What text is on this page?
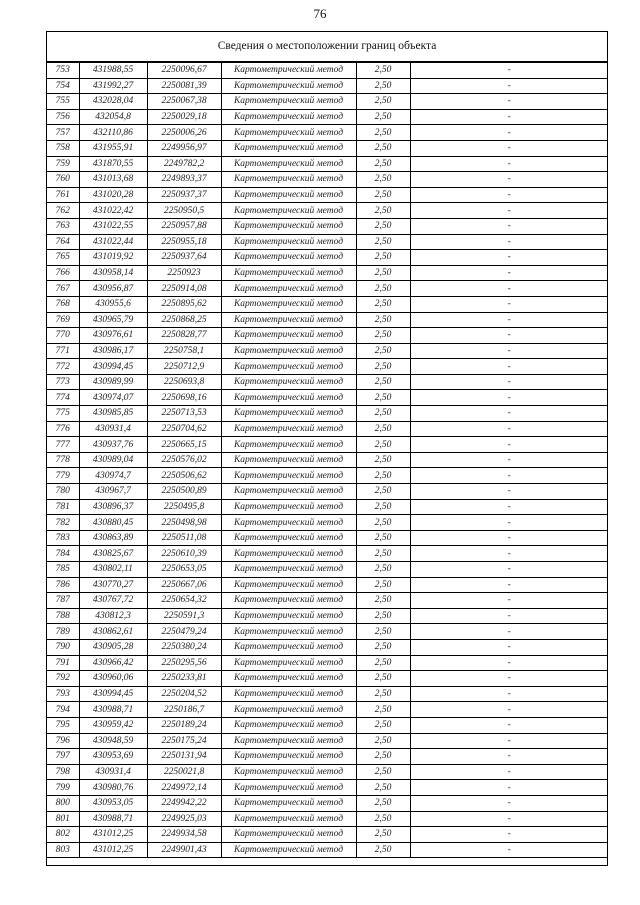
76
Сведения о местоположении границ объекта
753	431988,55	2250096,67	Картометрический метод	2,50	-
754	431992,27	2250081,39	Картометрический метод	2,50	-
755	432028,04	2250067,38	Картометрический метод	2,50	-
756	432054,8	2250029,18	Картометрический метод	2,50	-
757	432110,86	2250006,26	Картометрический метод	2,50	-
758	431955,91	2249956,97	Картометрический метод	2,50	-
759	431870,55	2249782,2	Картометрический метод	2,50	-
760	431013,68	2249893,37	Картометрический метод	2,50	-
761	431020,28	2250937,37	Картометрический метод	2,50	-
762	431022,42	2250950,5	Картометрический метод	2,50	-
763	431022,55	2250957,88	Картометрический метод	2,50	-
764	431022,44	2250955,18	Картометрический метод	2,50	-
765	431019,92	2250937,64	Картометрический метод	2,50	-
766	430958,14	2250923	Картометрический метод	2,50	-
767	430956,87	2250914,08	Картометрический метод	2,50	-
768	430955,6	2250895,62	Картометрический метод	2,50	-
769	430965,79	2250868,25	Картометрический метод	2,50	-
770	430976,61	2250828,77	Картометрический метод	2,50	-
771	430986,17	2250758,1	Картометрический метод	2,50	-
772	430994,45	2250712,9	Картометрический метод	2,50	-
773	430989,99	2250693,8	Картометрический метод	2,50	-
774	430974,07	2250698,16	Картометрический метод	2,50	-
775	430985,85	2250713,53	Картометрический метод	2,50	-
776	430931,4	2250704,62	Картометрический метод	2,50	-
777	430937,76	2250665,15	Картометрический метод	2,50	-
778	430989,04	2250576,02	Картометрический метод	2,50	-
779	430974,7	2250506,62	Картометрический метод	2,50	-
780	430967,7	2250500,89	Картометрический метод	2,50	-
781	430896,37	2250495,8	Картометрический метод	2,50	-
782	430880,45	2250498,98	Картометрический метод	2,50	-
783	430863,89	2250511,08	Картометрический метод	2,50	-
784	430825,67	2250610,39	Картометрический метод	2,50	-
785	430802,11	2250653,05	Картометрический метод	2,50	-
786	430770,27	2250667,06	Картометрический метод	2,50	-
787	430767,72	2250654,32	Картометрический метод	2,50	-
788	430812,3	2250591,3	Картометрический метод	2,50	-
789	430862,61	2250479,24	Картометрический метод	2,50	-
790	430905,28	2250380,24	Картометрический метод	2,50	-
791	430966,42	2250295,56	Картометрический метод	2,50	-
792	430960,06	2250233,81	Картометрический метод	2,50	-
793	430994,45	2250204,52	Картометрический метод	2,50	-
794	430988,71	2250186,7	Картометрический метод	2,50	-
795	430959,42	2250189,24	Картометрический метод	2,50	-
796	430948,59	2250175,24	Картометрический метод	2,50	-
797	430953,69	2250131,94	Картометрический метод	2,50	-
798	430931,4	2250021,8	Картометрический метод	2,50	-
799	430980,76	2249972,14	Картометрический метод	2,50	-
800	430953,05	2249942,22	Картометрический метод	2,50	-
801	430988,71	2249925,03	Картометрический метод	2,50	-
802	431012,25	2249934,58	Картометрический метод	2,50	-
803	431012,25	2249901,43	Картометрический метод	2,50	-
